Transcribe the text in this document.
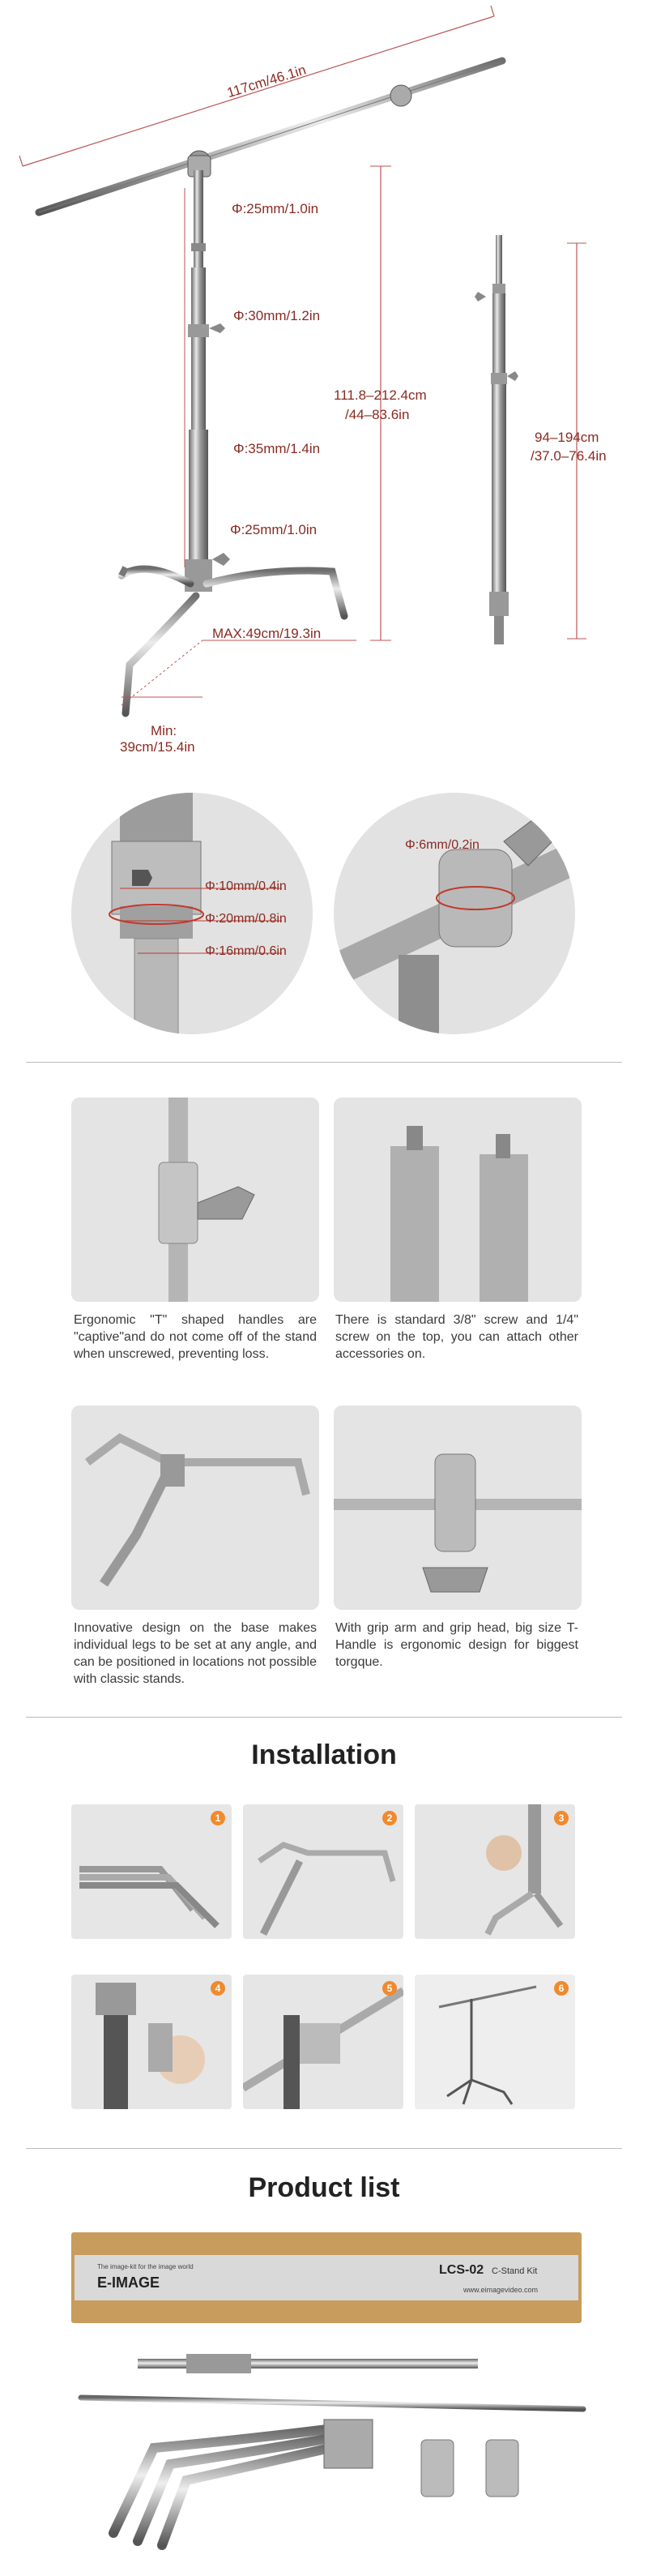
117cm/46.1in
Φ:25mm/1.0in
Φ:30mm/1.2in
Φ:35mm/1.4in
Φ:25mm/1.0in
111.8–212.4cm
/44–83.6in
MAX:49cm/19.3in
Min:
39cm/15.4in
94–194cm
/37.0–76.4in
Φ:10mm/0.4in
Φ:20mm/0.8in
Φ:16mm/0.6in
Φ:6mm/0.2in
Ergonomic "T" shaped handles are "captive"and do not come off of the stand when unscrewed, preventing loss.
There is standard 3/8" screw and 1/4" screw on the top, you can attach other accessories on.
Innovative design on the base makes individual legs to be set at any angle, and can be positioned in locations not possible with classic stands.
With grip arm and grip head, big size T-Handle is ergonomic design for biggest torgque.
Installation
1	2	3
4	5	6
Product list
E-IMAGE
The image-kit for the image world	LCS-02 C-Stand Kit
www.eimagevideo.com
